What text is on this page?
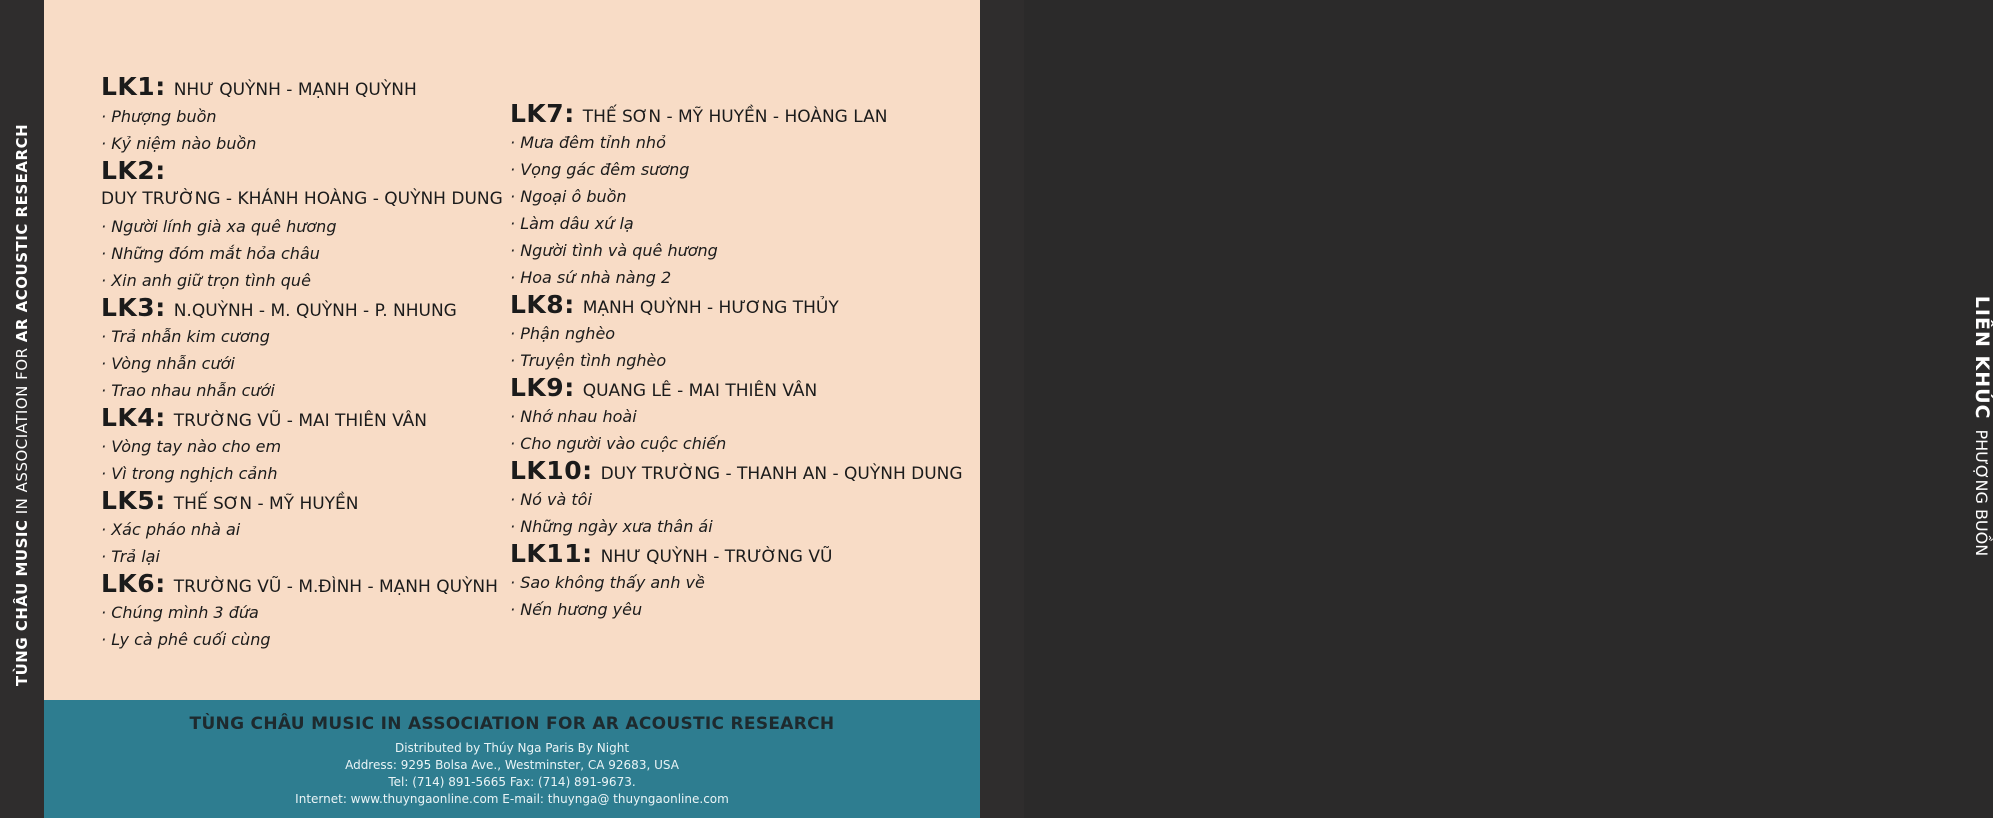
TÙNG CHÂU MUSIC IN ASSOCIATION FOR AR ACOUSTIC RESEARCH
LIÊN KHÚCPHƯỢNG BUỒN
LK1: NHƯ QUỲNH - MẠNH QUỲNH
· Phượng buồn
· Kỷ niệm nào buồn
LK2:
DUY TRƯỜNG - KHÁNH HOÀNG - QUỲNH DUNG
· Người lính già xa quê hương
· Những đóm mắt hỏa châu
· Xin anh giữ trọn tình quê
LK3: N.QUỲNH - M. QUỲNH - P. NHUNG
· Trả nhẫn kim cương
· Vòng nhẫn cưới
· Trao nhau nhẫn cưới
LK4: TRƯỜNG VŨ - MAI THIÊN VÂN
· Vòng tay nào cho em
· Vì trong nghịch cảnh
LK5: THẾ SƠN - MỸ HUYỀN
· Xác pháo nhà ai
· Trả lại
LK6: TRƯỜNG VŨ - M.ĐÌNH - MẠNH QUỲNH
· Chúng mình 3 đứa
· Ly cà phê cuối cùng
LK7: THẾ SƠN - MỸ HUYỀN - HOÀNG LAN
· Mưa đêm tỉnh nhỏ
· Vọng gác đêm sương
· Ngoại ô buồn
· Làm dâu xứ lạ
· Người tình và quê hương
· Hoa sứ nhà nàng 2
LK8: MẠNH QUỲNH - HƯƠNG THỦY
· Phận nghèo
· Truyện tình nghèo
LK9: QUANG LÊ - MAI THIÊN VÂN
· Nhớ nhau hoài
· Cho người vào cuộc chiến
LK10: DUY TRƯỜNG - THANH AN - QUỲNH DUNG
· Nó và tôi
· Những ngày xưa thân ái
LK11: NHƯ QUỲNH - TRƯỜNG VŨ
· Sao không thấy anh về
· Nến hương yêu
TÙNG CHÂU MUSIC IN ASSOCIATION FOR AR ACOUSTIC RESEARCH
Distributed by Thúy Nga Paris By Night
Address: 9295 Bolsa Ave., Westminster, CA 92683, USA
Tel: (714) 891-5665 Fax: (714) 891-9673.
Internet: www.thuyngaonline.com E-mail: thuynga@ thuyngaonline.com
